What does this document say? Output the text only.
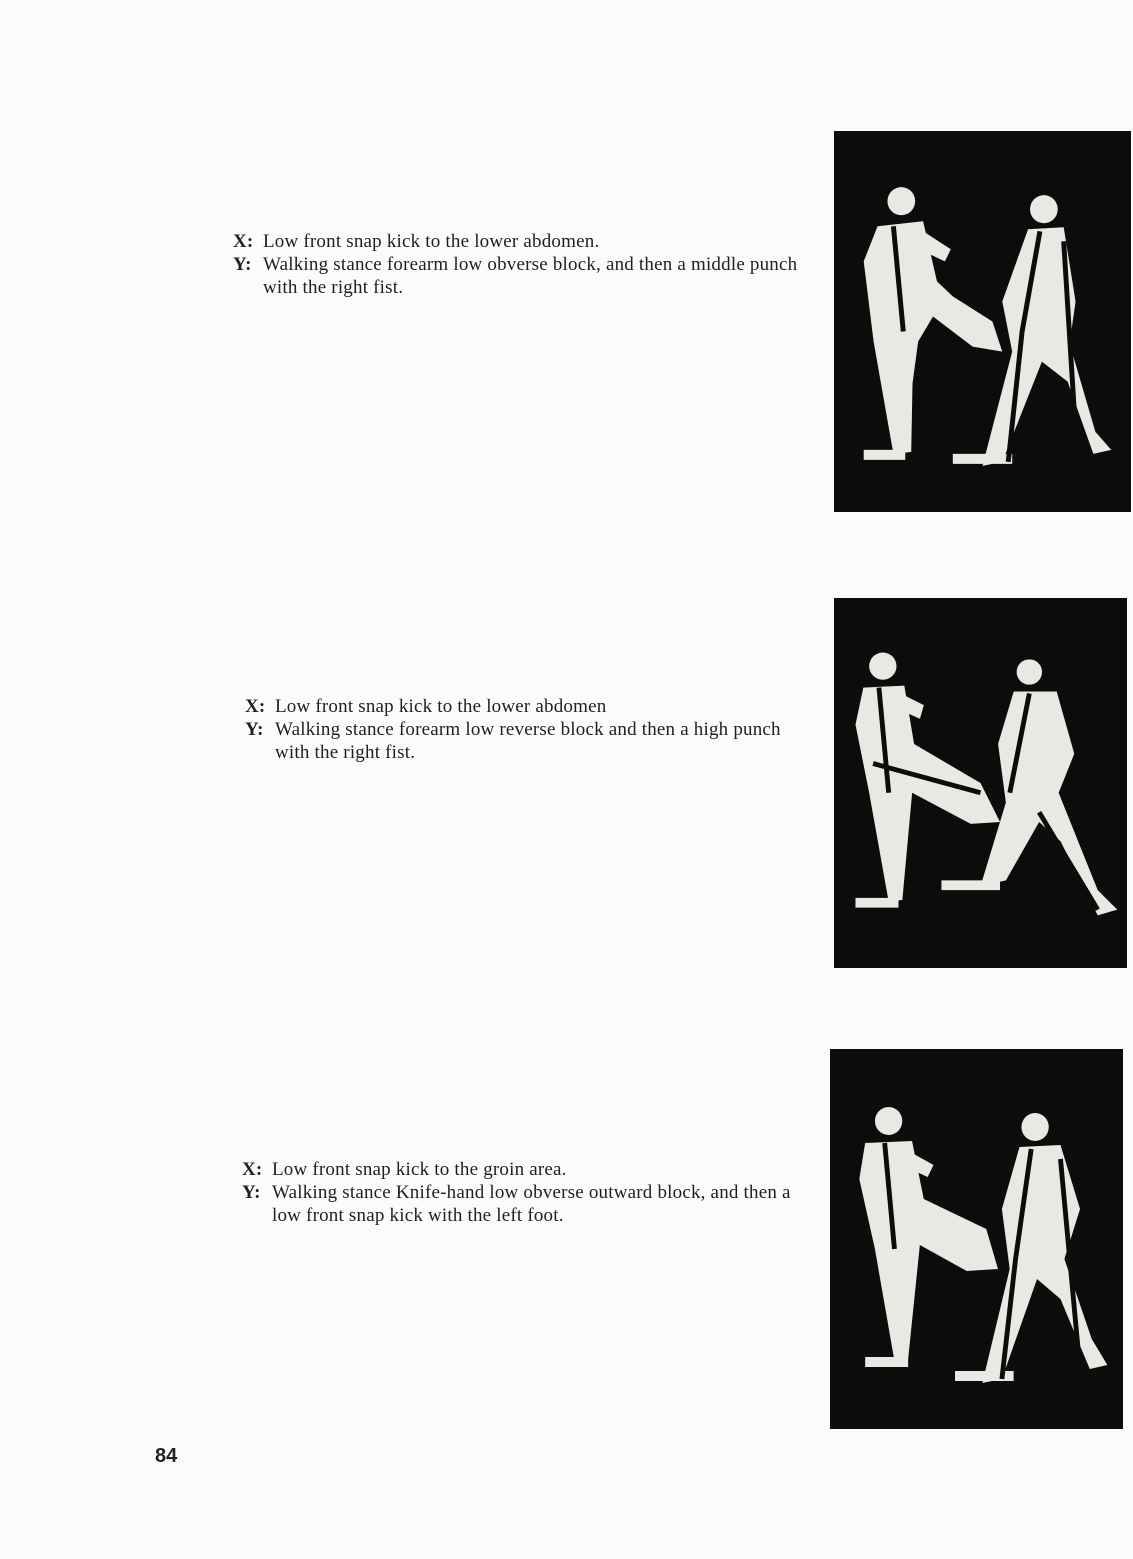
X: Low front snap kick to the lower abdomen.
Y: Walking stance forearm low obverse block, and then a middle punch with the right fist.
X: Low front snap kick to the lower abdomen
Y: Walking stance forearm low reverse block and then a high punch with the right fist.
X: Low front snap kick to the groin area.
Y: Walking stance Knife-hand low obverse outward block, and then a low front snap kick with the left foot.
84
